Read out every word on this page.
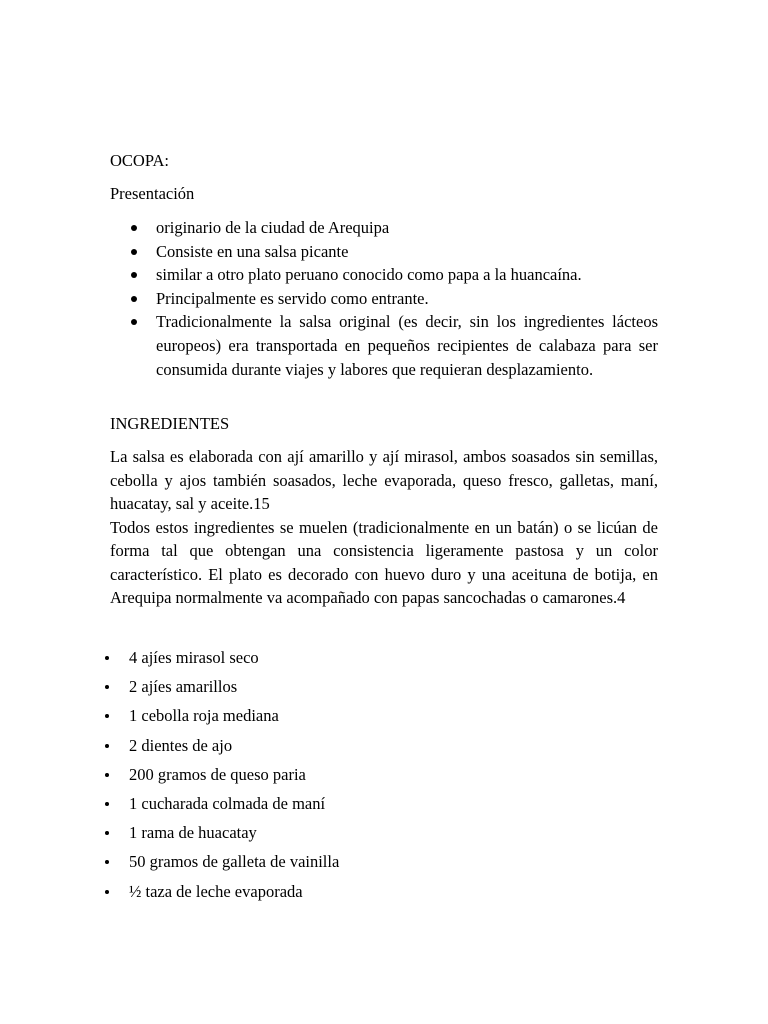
OCOPA:
Presentación
originario de la ciudad de Arequipa
Consiste en una salsa picante
similar a otro plato peruano conocido como papa a la huancaína.
Principalmente es servido como entrante.
Tradicionalmente la salsa original (es decir, sin los ingredientes lácteos europeos) era transportada en pequeños recipientes de calabaza para ser consumida durante viajes y labores que requieran desplazamiento.
INGREDIENTES
La salsa es elaborada con ají amarillo y ají mirasol, ambos soasados sin semillas, cebolla y ajos también soasados, leche evaporada, queso fresco, galletas, maní, huacatay, sal y aceite.15
Todos estos ingredientes se muelen (tradicionalmente en un batán) o se licúan de forma tal que obtengan una consistencia ligeramente pastosa y un color característico. El plato es decorado con huevo duro y una aceituna de botija, en Arequipa normalmente va acompañado con papas sancochadas o camarones.4
4 ajíes mirasol seco
2 ajíes amarillos
1 cebolla roja mediana
2 dientes de ajo
200 gramos de queso paria
1 cucharada colmada de maní
1 rama de huacatay
50 gramos de galleta de vainilla
½ taza de leche evaporada
